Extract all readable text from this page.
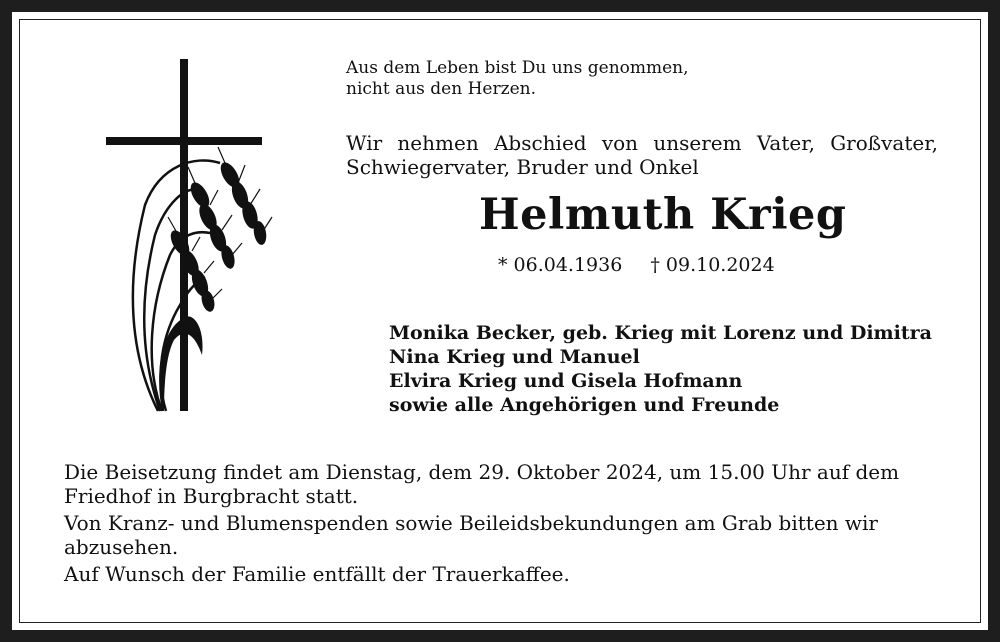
Aus dem Leben bist Du uns genommen,
nicht aus den Herzen.
Wir nehmen Abschied von unserem Vater, Großvater,
Schwiegervater, Bruder und Onkel
Helmuth Krieg
* 06.04.1936 † 09.10.2024
Monika Becker, geb. Krieg mit Lorenz und Dimitra
Nina Krieg und Manuel
Elvira Krieg und Gisela Hofmann
sowie alle Angehörigen und Freunde

Die Beisetzung findet am Dienstag, dem 29. Oktober 2024, um 15.00 Uhr auf dem
Friedhof in Burgbracht statt.

Von Kranz- und Blumenspenden sowie Beileidsbekundungen am Grab bitten wir
abzusehen.

Auf Wunsch der Familie entfällt der Trauerkaffee.
